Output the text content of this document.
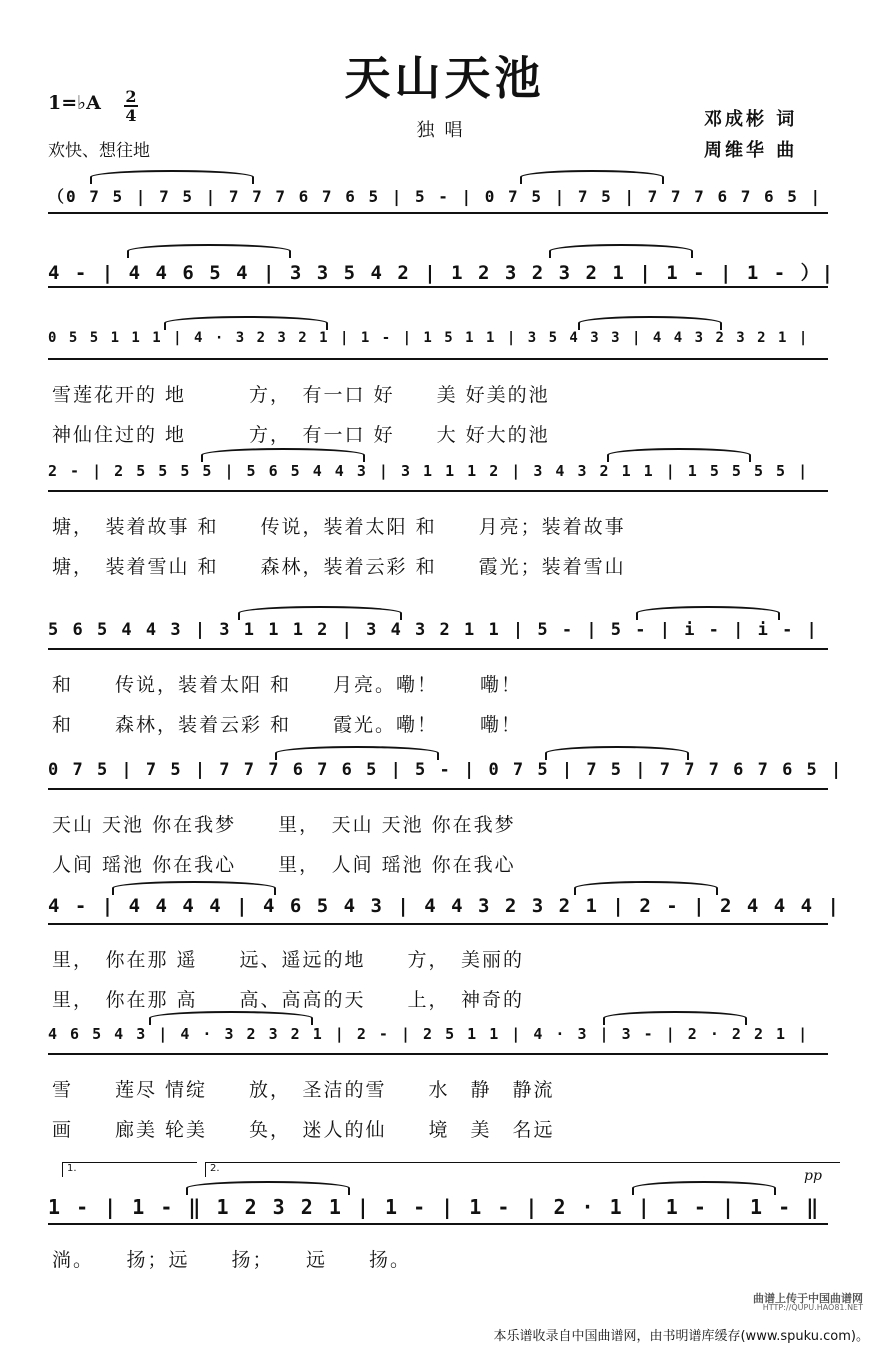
天山天池
独唱
1=♭A 2
4
欢快、想往地
邓成彬 词
周维华 曲
（0 7 5 | 7 5 | 7 7 7 6 7 6 5 | 5 - | 0 7 5 | 7 5 | 7 7 7 6 7 6 5 |
4 - | 4 4 6 5 4 | 3 3 5 4 2 | 1 2 3 2 3 2 1 | 1 - | 1 - ）|
0 5 5 1 1 1 | 4 · 3 2 3 2 1 | 1 - | 1 5 1 1 | 3 5 4 3 3 | 4 4 3 2 3 2 1 |
雪莲花开的 地　　　方，　有一口 好　　美 好美的池
神仙住过的 地　　　方，　有一口 好　　大 好大的池
2 - | 2 5 5 5 5 | 5 6 5 4 4 3 | 3 1 1 1 2 | 3 4 3 2 1 1 | 1 5 5 5 5 |
塘，　装着故事 和　　传说，装着太阳 和　　月亮；装着故事
塘，　装着雪山 和　　森林，装着云彩 和　　霞光；装着雪山
5 6 5 4 4 3 | 3 1 1 1 2 | 3 4 3 2 1 1 | 5 - | 5 - | i - | i - |
和　　传说，装着太阳 和　　月亮。嘞！　　嘞！
和　　森林，装着云彩 和　　霞光。嘞！　　嘞！
0 7 5 | 7 5 | 7 7 7 6 7 6 5 | 5 - | 0 7 5 | 7 5 | 7 7 7 6 7 6 5 |
天山 天池 你在我梦　　里，　天山 天池 你在我梦
人间 瑶池 你在我心　　里，　人间 瑶池 你在我心
4 - | 4 4 4 4 | 4 6 5 4 3 | 4 4 3 2 3 2 1 | 2 - | 2 4 4 4 |
里，　你在那 遥　　远、遥远的地　　方，　美丽的
里，　你在那 高　　高、高高的天　　上，　神奇的
4 6 5 4 3 | 4 · 3 2 3 2 1 | 2 - | 2 5 1 1 | 4 · 3 | 3 - | 2 · 2 2 1 |
雪　　莲尽 情绽　　放，　圣洁的雪　　水　静　静流
画　　廊美 轮美　　奂，　迷人的仙　　境　美　名远
1 - | 1 - ‖ 1 2 3 2 1 | 1 - | 1 - | 2 · 1 | 1 - | 1 - ‖
淌。　　扬；远　　扬；　　远　　扬。
1.	2.	pp
曲谱上传于中国曲谱网
HTTP://QUPU.HAO81.NET
本乐谱收录自中国曲谱网，由书明谱库缓存(www.spuku.com)。
